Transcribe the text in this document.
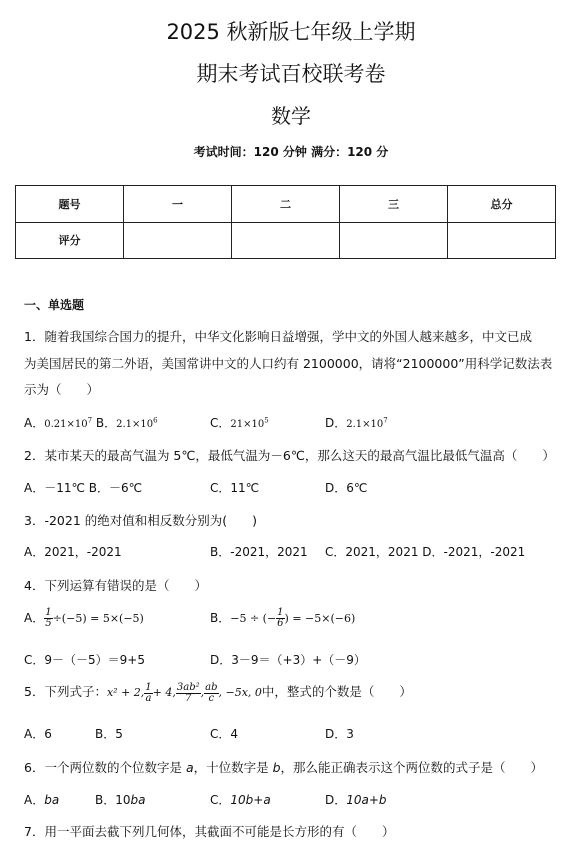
2025 秋新版七年级上学期
期末考试百校联考卷
数学
考试时间：120 分钟 满分：120 分
题号	一	二	三	总分
评分				
一、单选题
1．随着我国综合国力的提升，中华文化影响日益增强，学中文的外国人越来越多，中文已成
为美国居民的第二外语，美国常讲中文的人口约有 2100000，请将“2100000”用科学记数法表
示为（　　）
A．$0.21\times 10^7$ B．$2.1\times 10^6$	C．$21\times 10^5$	D．$2.1\times 10^7$
2．某市某天的最高气温为 5℃，最低气温为－6℃，那么这天的最高气温比最低气温高（　　）
A．－11℃ B．－6℃	C．11℃	D．6℃
3．-2021 的绝对值和相反数分别为(　　)
A．2021，-2021	B．-2021，2021 C．2021，2021 D．-2021，-2021
4．下列运算有错误的是（　　）
A． $\frac{1}{5} \div(-5) = 5\times(-5)$	B．−5 ÷ (− $\frac{1}{6}$ ) = −5×(−6)
C．9－（－5）＝9+5	D．3－9＝（+3）+（－9）
5．下列式子：x² + 2, $\frac{1}{a} + 4$, $\frac{\text{3ab²}}{7}$ , $\frac{ab}{c}$ , −5x, 0中，整式的个数是（　　）
A．6	B．5	C．4	D．3
6．一个两位数的个位数字是 a，十位数字是 b，那么能正确表示这个两位数的式子是（　　）
A．ba	B．10ba	C．10b+a	D．10a+b
7．用一平面去截下列几何体，其截面不可能是长方形的有（　　）
